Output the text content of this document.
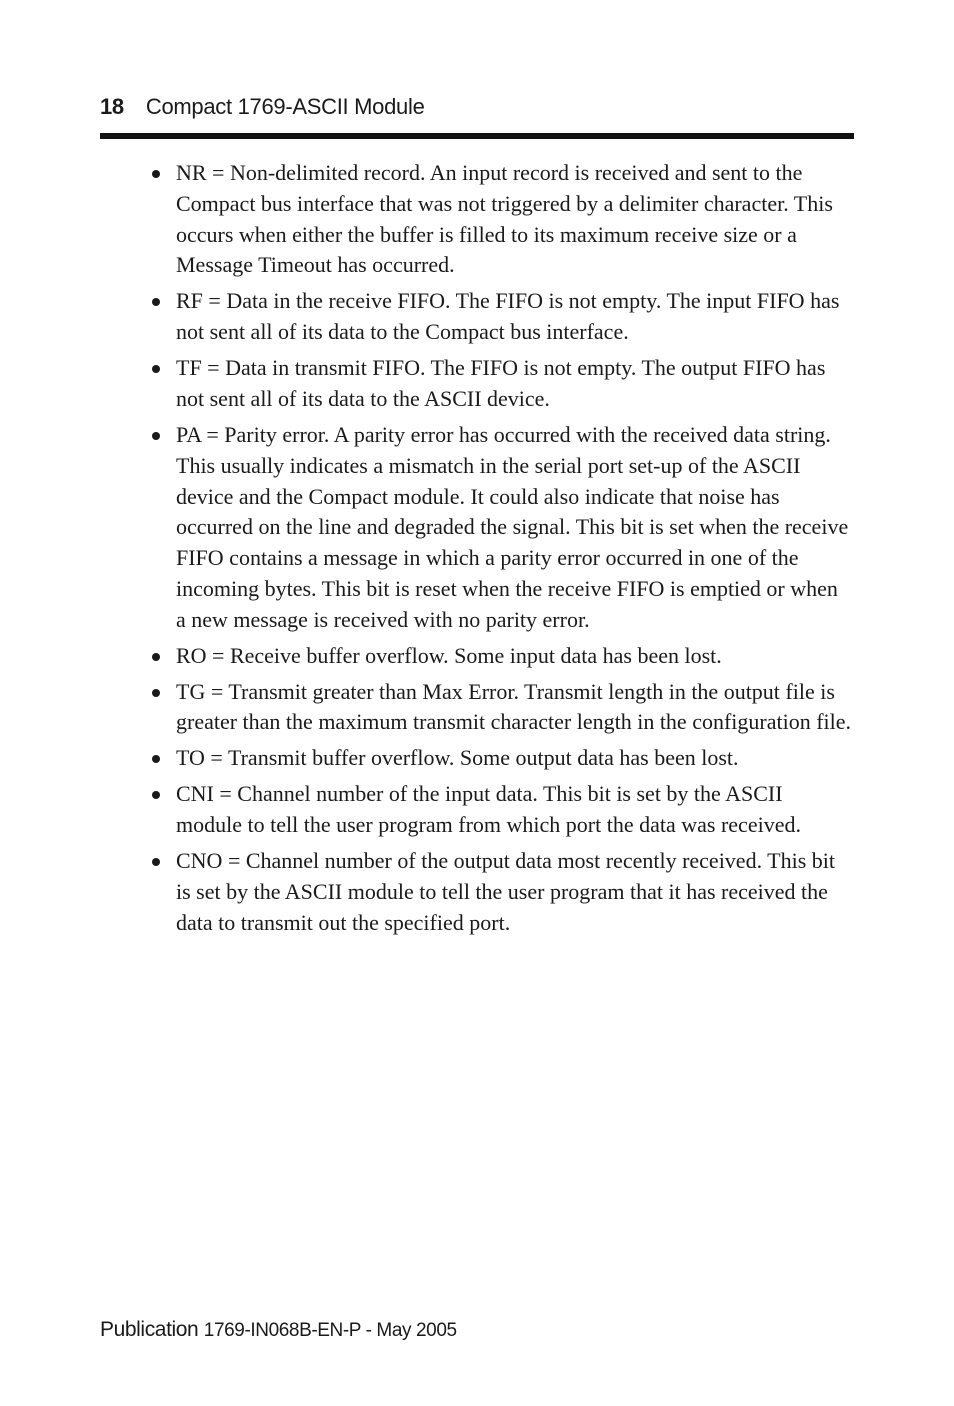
18 Compact 1769-ASCII Module
NR = Non-delimited record. An input record is received and sent to the Compact bus interface that was not triggered by a delimiter character. This occurs when either the buffer is filled to its maximum receive size or a Message Timeout has occurred.
RF = Data in the receive FIFO. The FIFO is not empty. The input FIFO has not sent all of its data to the Compact bus interface.
TF = Data in transmit FIFO. The FIFO is not empty. The output FIFO has not sent all of its data to the ASCII device.
PA = Parity error. A parity error has occurred with the received data string. This usually indicates a mismatch in the serial port set-up of the ASCII device and the Compact module. It could also indicate that noise has occurred on the line and degraded the signal. This bit is set when the receive FIFO contains a message in which a parity error occurred in one of the incoming bytes. This bit is reset when the receive FIFO is emptied or when a new message is received with no parity error.
RO = Receive buffer overflow. Some input data has been lost.
TG = Transmit greater than Max Error. Transmit length in the output file is greater than the maximum transmit character length in the configuration file.
TO = Transmit buffer overflow. Some output data has been lost.
CNI = Channel number of the input data. This bit is set by the ASCII module to tell the user program from which port the data was received.
CNO = Channel number of the output data most recently received. This bit is set by the ASCII module to tell the user program that it has received the data to transmit out the specified port.
Publication 1769-IN068B-EN-P - May 2005
